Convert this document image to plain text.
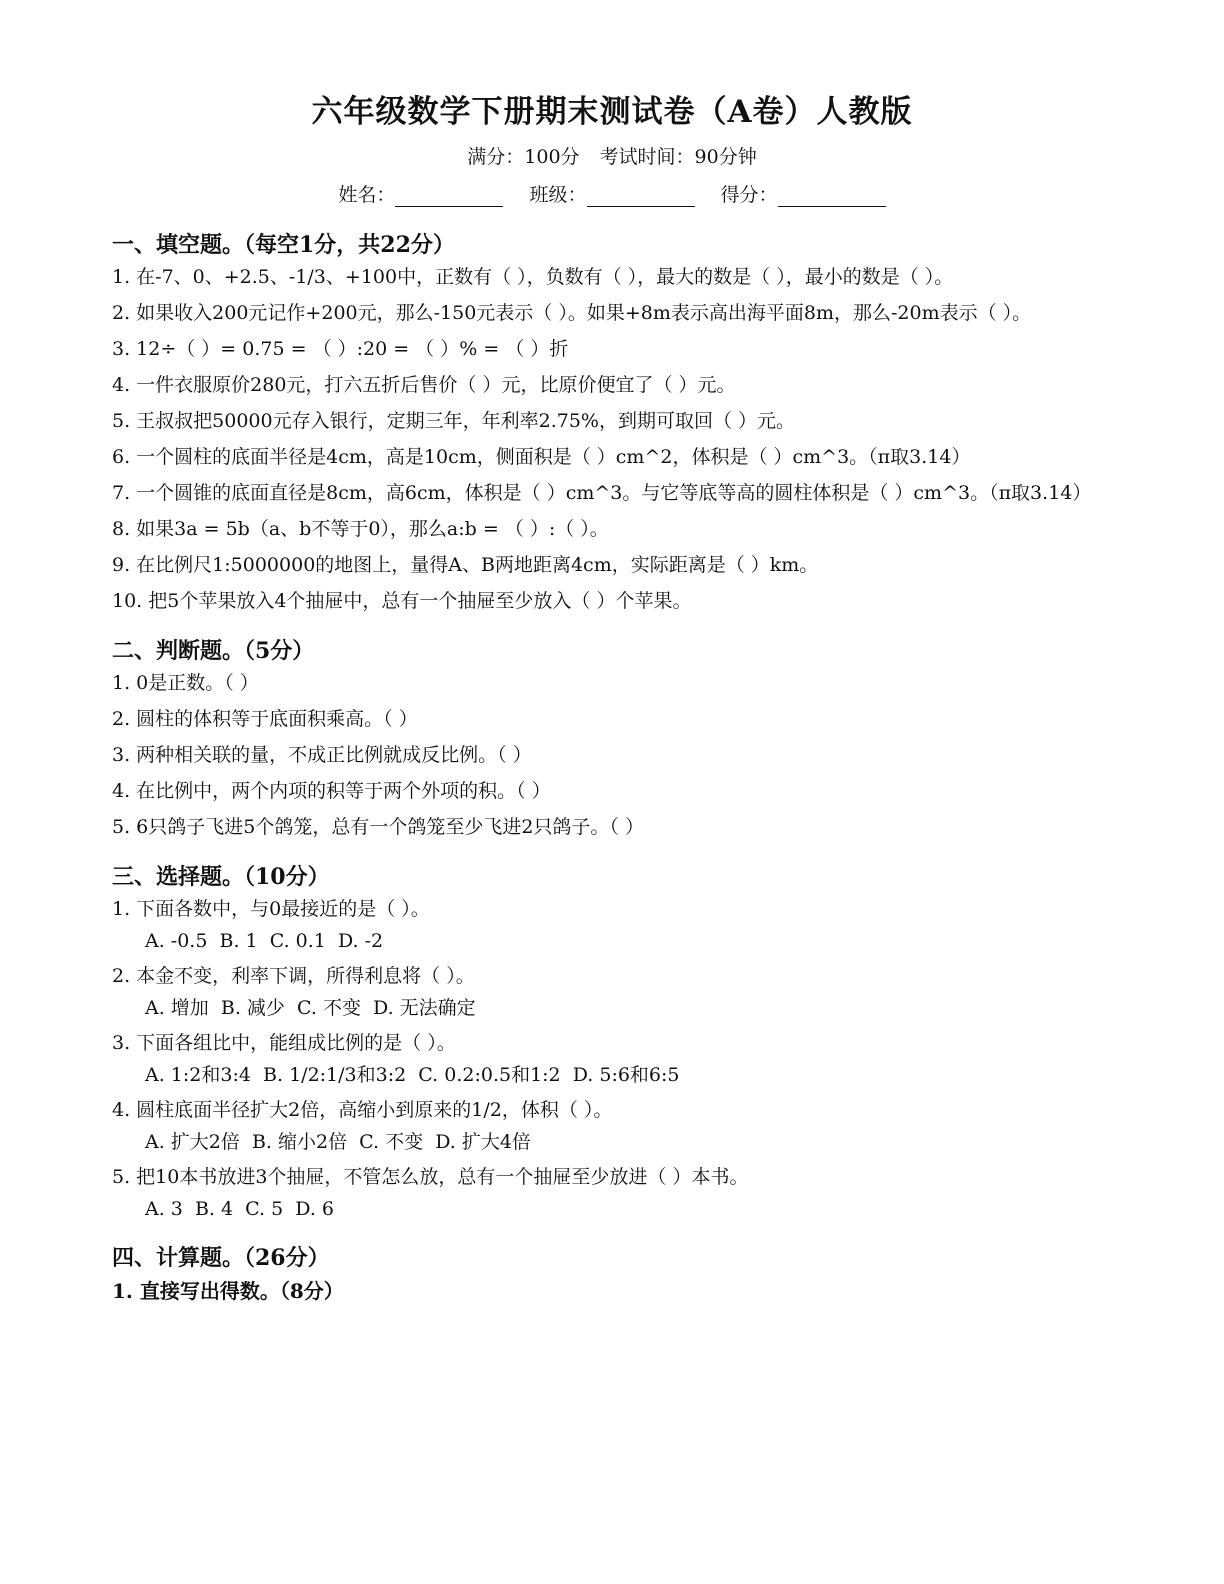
六年级数学下册期末测试卷（A卷）人教版

满分：100分 考试时间：90分钟

姓名：	班级：	得分：

一、填空题。（每空1分，共22分）

1. 在-7、0、+2.5、-1/3、+100中，正数有（ ），负数有（ ），最大的数是（ ），最小的数是（ ）。

2. 如果收入200元记作+200元，那么-150元表示（ ）。如果+8m表示高出海平面8m，那么-20m表示（ ）。

3. 12÷（ ）= 0.75 = （ ）:20 = （ ）% = （ ）折

4. 一件衣服原价280元，打六五折后售价（ ）元，比原价便宜了（ ）元。

5. 王叔叔把50000元存入银行，定期三年，年利率2.75%，到期可取回（ ）元。

6. 一个圆柱的底面半径是4cm，高是10cm，侧面积是（ ）cm^2，体积是（ ）cm^3。（π取3.14）

7. 一个圆锥的底面直径是8cm，高6cm，体积是（ ）cm^3。与它等底等高的圆柱体积是（ ）cm^3。（π取3.14）

8. 如果3a = 5b（a、b不等于0），那么a:b = （ ）:（ ）。

9. 在比例尺1:5000000的地图上，量得A、B两地距离4cm，实际距离是（ ）km。

10. 把5个苹果放入4个抽屉中，总有一个抽屉至少放入（ ）个苹果。

二、判断题。（5分）

1. 0是正数。（ ）

2. 圆柱的体积等于底面积乘高。（ ）

3. 两种相关联的量，不成正比例就成反比例。（ ）

4. 在比例中，两个内项的积等于两个外项的积。（ ）

5. 6只鸽子飞进5个鸽笼，总有一个鸽笼至少飞进2只鸽子。（ ）

三、选择题。（10分）

1. 下面各数中，与0最接近的是（ ）。

A. -0.5  B. 1  C. 0.1  D. -2

2. 本金不变，利率下调，所得利息将（ ）。

A. 增加  B. 减少  C. 不变  D. 无法确定

3. 下面各组比中，能组成比例的是（ ）。

A. 1:2和3:4  B. 1/2:1/3和3:2  C. 0.2:0.5和1:2  D. 5:6和6:5

4. 圆柱底面半径扩大2倍，高缩小到原来的1/2，体积（ ）。

A. 扩大2倍  B. 缩小2倍  C. 不变  D. 扩大4倍

5. 把10本书放进3个抽屉，不管怎么放，总有一个抽屉至少放进（ ）本书。

A. 3  B. 4  C. 5  D. 6

四、计算题。（26分）

1. 直接写出得数。（8分）
